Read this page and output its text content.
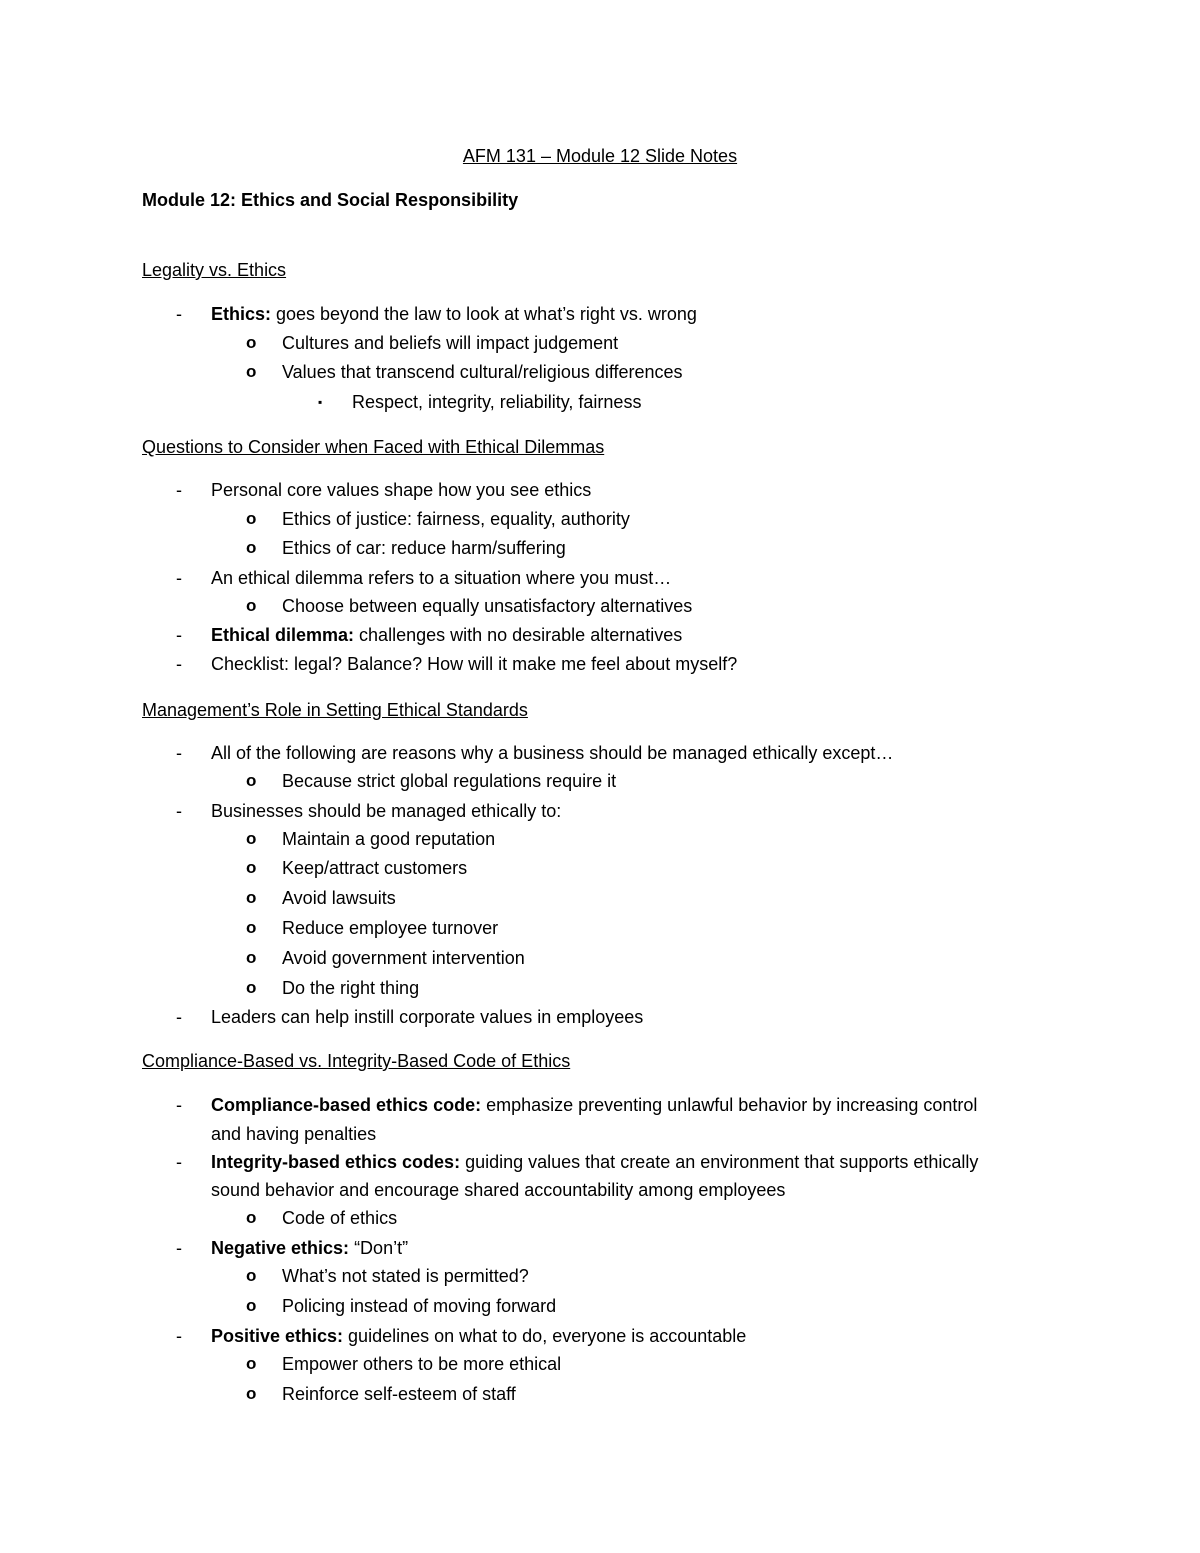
AFM 131 – Module 12 Slide Notes
Module 12: Ethics and Social Responsibility
Legality vs. Ethics
- Ethics: goes beyond the law to look at what’s right vs. wrong
o Cultures and beliefs will impact judgement
o Values that transcend cultural/religious differences
▪ Respect, integrity, reliability, fairness
Questions to Consider when Faced with Ethical Dilemmas
- Personal core values shape how you see ethics
o Ethics of justice: fairness, equality, authority
o Ethics of car: reduce harm/suffering
- An ethical dilemma refers to a situation where you must…
o Choose between equally unsatisfactory alternatives
- Ethical dilemma: challenges with no desirable alternatives
- Checklist: legal? Balance? How will it make me feel about myself?
Management’s Role in Setting Ethical Standards
- All of the following are reasons why a business should be managed ethically except…
o Because strict global regulations require it
- Businesses should be managed ethically to:
o Maintain a good reputation
o Keep/attract customers
o Avoid lawsuits
o Reduce employee turnover
o Avoid government intervention
o Do the right thing
- Leaders can help instill corporate values in employees
Compliance-Based vs. Integrity-Based Code of Ethics
- Compliance-based ethics code: emphasize preventing unlawful behavior by increasing control
and having penalties
- Integrity-based ethics codes: guiding values that create an environment that supports ethically
sound behavior and encourage shared accountability among employees
o Code of ethics
- Negative ethics: “Don’t”
o What’s not stated is permitted?
o Policing instead of moving forward
- Positive ethics: guidelines on what to do, everyone is accountable
o Empower others to be more ethical
o Reinforce self-esteem of staff
